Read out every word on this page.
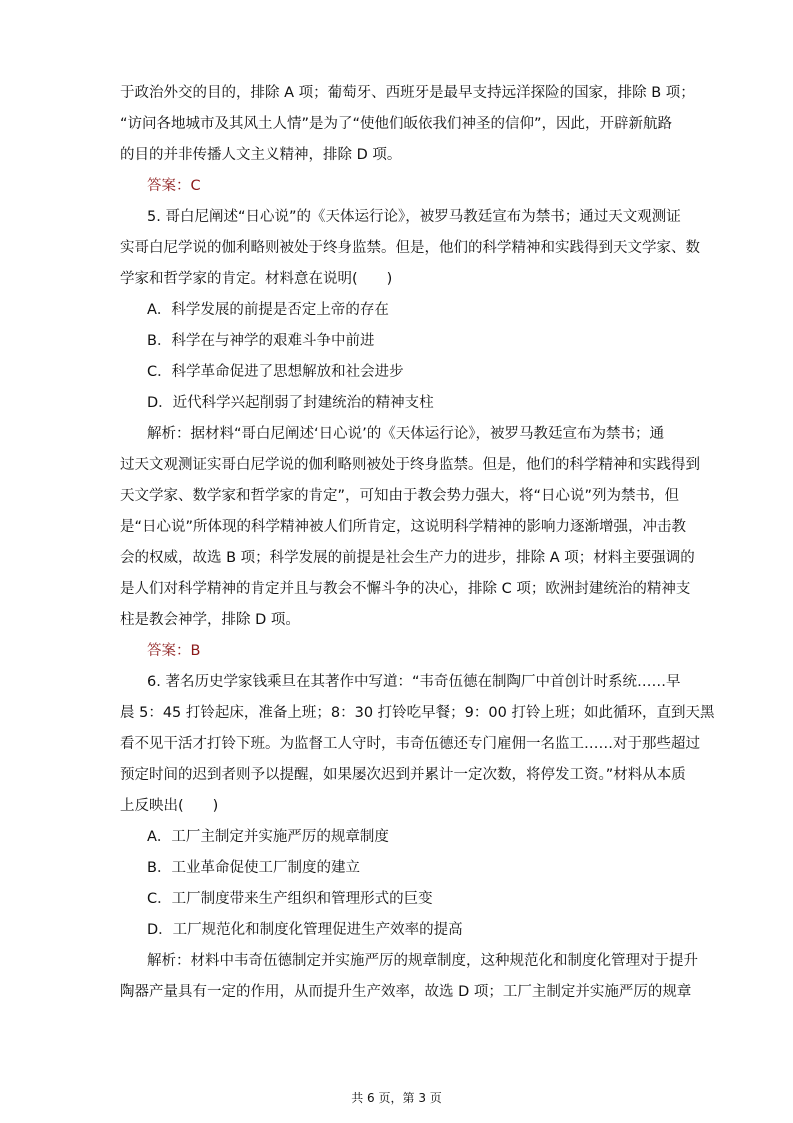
于政治外交的目的，排除 A 项；葡萄牙、西班牙是最早支持远洋探险的国家，排除 B 项；
“访问各地城市及其风土人情”是为了“使他们皈依我们神圣的信仰”，因此，开辟新航路
的目的并非传播人文主义精神，排除 D 项。
答案：C
5. 哥白尼阐述“日心说”的《天体运行论》，被罗马教廷宣布为禁书；通过天文观测证
实哥白尼学说的伽利略则被处于终身监禁。但是，他们的科学精神和实践得到天文学家、数
学家和哲学家的肯定。材料意在说明(　　)
A．科学发展的前提是否定上帝的存在
B．科学在与神学的艰难斗争中前进
C．科学革命促进了思想解放和社会进步
D．近代科学兴起削弱了封建统治的精神支柱
解析：据材料“哥白尼阐述‘日心说’的《天体运行论》，被罗马教廷宣布为禁书；通
过天文观测证实哥白尼学说的伽利略则被处于终身监禁。但是，他们的科学精神和实践得到
天文学家、数学家和哲学家的肯定”，可知由于教会势力强大，将“日心说”列为禁书，但
是“日心说”所体现的科学精神被人们所肯定，这说明科学精神的影响力逐渐增强，冲击教
会的权威，故选 B 项；科学发展的前提是社会生产力的进步，排除 A 项；材料主要强调的
是人们对科学精神的肯定并且与教会不懈斗争的决心，排除 C 项；欧洲封建统治的精神支
柱是教会神学，排除 D 项。
答案：B
6. 著名历史学家钱乘旦在其著作中写道：“韦奇伍德在制陶厂中首创计时系统……早
晨 5：45 打铃起床，准备上班；8：30 打铃吃早餐；9：00 打铃上班；如此循环，直到天黑
看不见干活才打铃下班。为监督工人守时，韦奇伍德还专门雇佣一名监工……对于那些超过
预定时间的迟到者则予以提醒，如果屡次迟到并累计一定次数，将停发工资。”材料从本质
上反映出(　　)
A．工厂主制定并实施严厉的规章制度
B．工业革命促使工厂制度的建立
C．工厂制度带来生产组织和管理形式的巨变
D．工厂规范化和制度化管理促进生产效率的提高
解析：材料中韦奇伍德制定并实施严厉的规章制度，这种规范化和制度化管理对于提升
陶器产量具有一定的作用，从而提升生产效率，故选 D 项；工厂主制定并实施严厉的规章
共 6 页，第 3 页
